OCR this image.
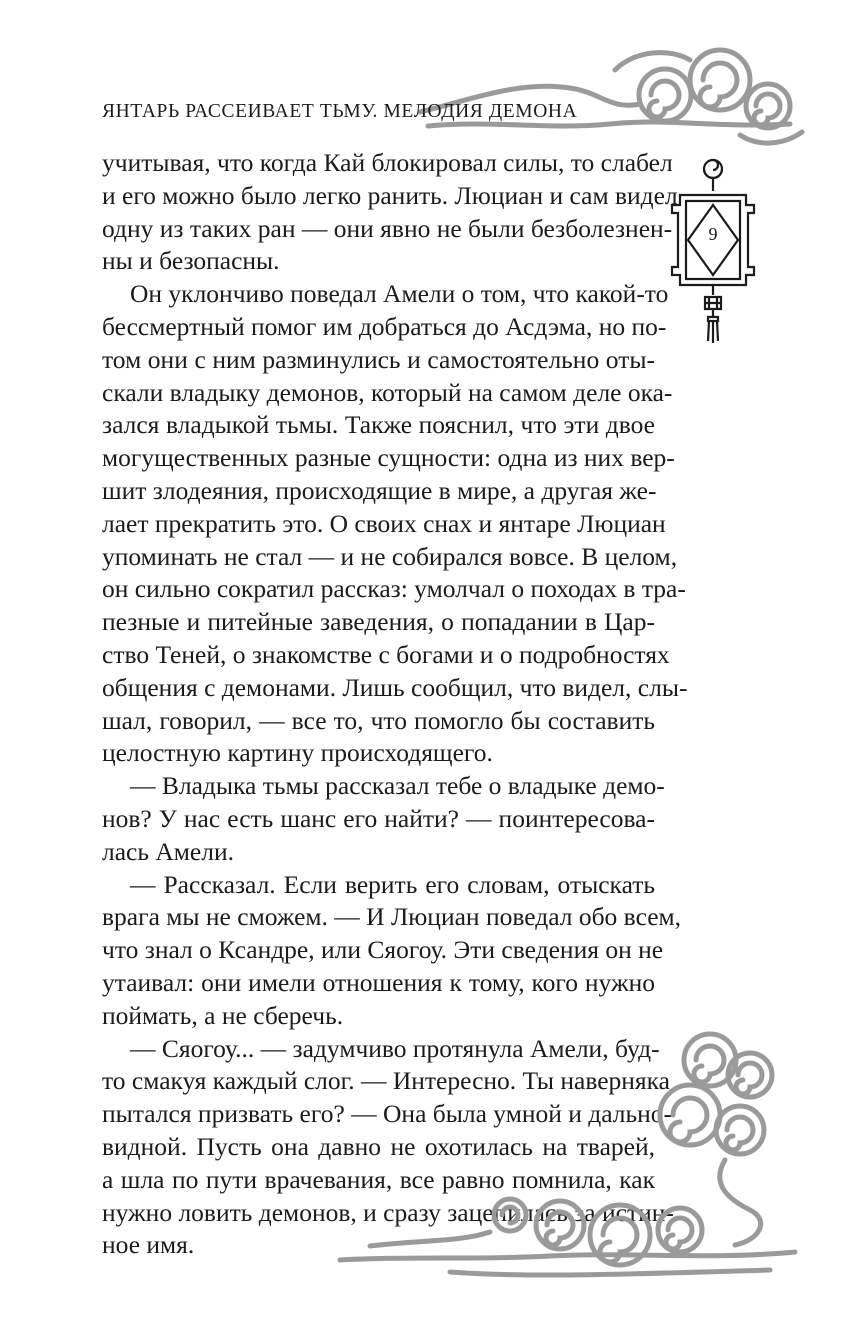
ЯНТАРЬ РАССЕИВАЕТ ТЬМУ. МЕЛОДИЯ ДЕМОНА
9
учитывая, что когда Кай блокировал силы, то слабел
и его можно было легко ранить. Люциан и сам видел
одну из таких ран — они явно не были безболезнен-
ны и безопасны.
Он уклончиво поведал Амели о том, что какой-то
бессмертный помог им добраться до Асдэма, но по-
том они с ним разминулись и самостоятельно оты-
скали владыку демонов, который на самом деле ока-
зался владыкой тьмы. Также пояснил, что эти двое
могущественных разные сущности: одна из них вер-
шит злодеяния, происходящие в мире, а другая же-
лает прекратить это. О своих снах и янтаре Люциан
упоминать не стал — и не собирался вовсе. В целом,
он сильно сократил рассказ: умолчал о походах в тра-
пезные и питейные заведения, о попадании в Цар-
ство Теней, о знакомстве с богами и о подробностях
общения с демонами. Лишь сообщил, что видел, слы-
шал, говорил, — все то, что помогло бы составить
целостную картину происходящего.
— Владыка тьмы рассказал тебе о владыке демо-
нов? У нас есть шанс его найти? — поинтересова-
лась Амели.
— Рассказал. Если верить его словам, отыскать
врага мы не сможем. — И Люциан поведал обо всем,
что знал о Ксандре, или Сяогоу. Эти сведения он не
утаивал: они имели отношения к тому, кого нужно
поймать, а не сберечь.
— Сяогоу... — задумчиво протянула Амели, буд-
то смакуя каждый слог. — Интересно. Ты наверняка
пытался призвать его? — Она была умной и дально-
видной. Пусть она давно не охотилась на тварей,
а шла по пути врачевания, все равно помнила, как
нужно ловить демонов, и сразу зацепилась за истин-
ное имя.
